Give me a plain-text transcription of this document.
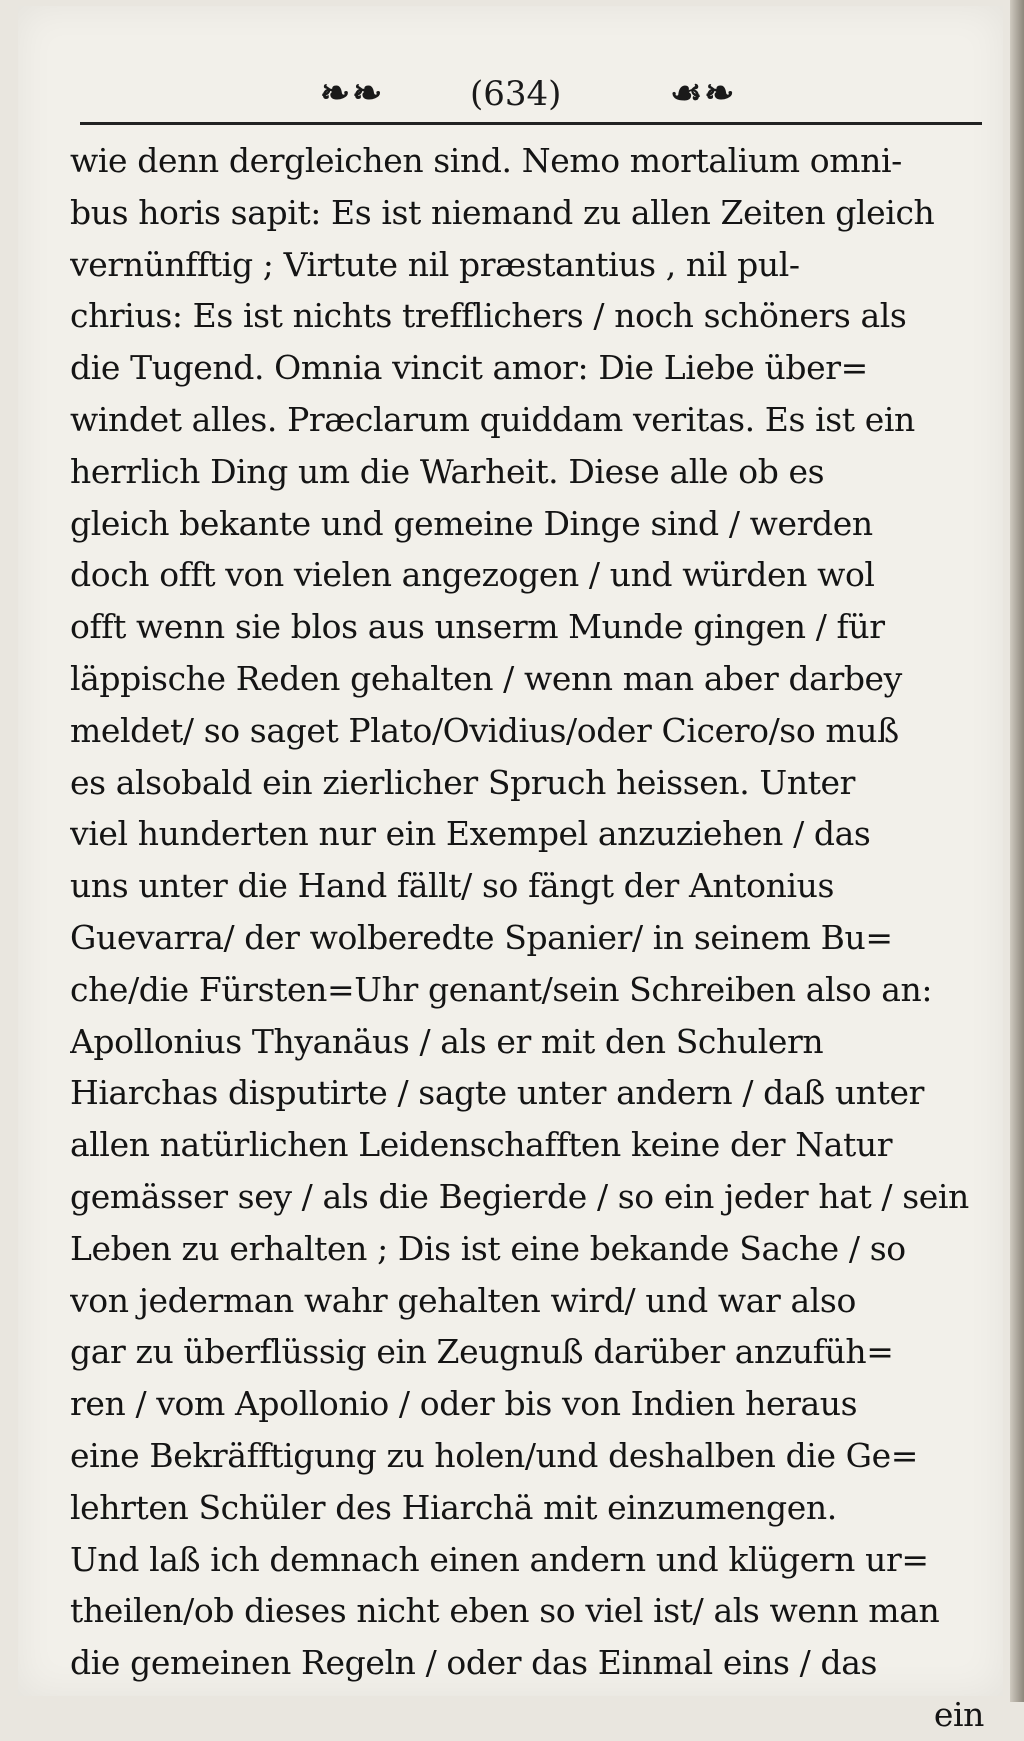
❧❧	(634)	☙❧
wie denn dergleichen sind. Nemo mortalium omni-
bus horis sapit: Es ist niemand zu allen Zeiten gleich
vernünfftig ; Virtute nil præstantius , nil pul-
chrius: Es ist nichts trefflichers / noch schöners als
die Tugend. Omnia vincit amor: Die Liebe über=
windet alles. Præclarum quiddam veritas. Es ist ein
herrlich Ding um die Warheit. Diese alle ob es
gleich bekante und gemeine Dinge sind / werden
doch offt von vielen angezogen / und würden wol
offt wenn sie blos aus unserm Munde gingen / für
läppische Reden gehalten / wenn man aber darbey
meldet/ so saget Plato/Ovidius/oder Cicero/so muß
es alsobald ein zierlicher Spruch heissen. Unter
viel hunderten nur ein Exempel anzuziehen / das
uns unter die Hand fällt/ so fängt der Antonius
Guevarra/ der wolberedte Spanier/ in seinem Bu=
che/die Fürsten=Uhr genant/sein Schreiben also an:
Apollonius Thyanäus / als er mit den Schulern
Hiarchas disputirte / sagte unter andern / daß unter
allen natürlichen Leidenschafften keine der Natur
gemässer sey / als die Begierde / so ein jeder hat / sein
Leben zu erhalten ; Dis ist eine bekande Sache / so
von jederman wahr gehalten wird/ und war also
gar zu überflüssig ein Zeugnuß darüber anzufüh=
ren / vom Apollonio / oder bis von Indien heraus
eine Bekräfftigung zu holen/und deshalben die Ge=
lehrten Schüler des Hiarchä mit einzumengen.
Und laß ich demnach einen andern und klügern ur=
theilen/ob dieses nicht eben so viel ist/ als wenn man
die gemeinen Regeln / oder das Einmal eins / das
ein
